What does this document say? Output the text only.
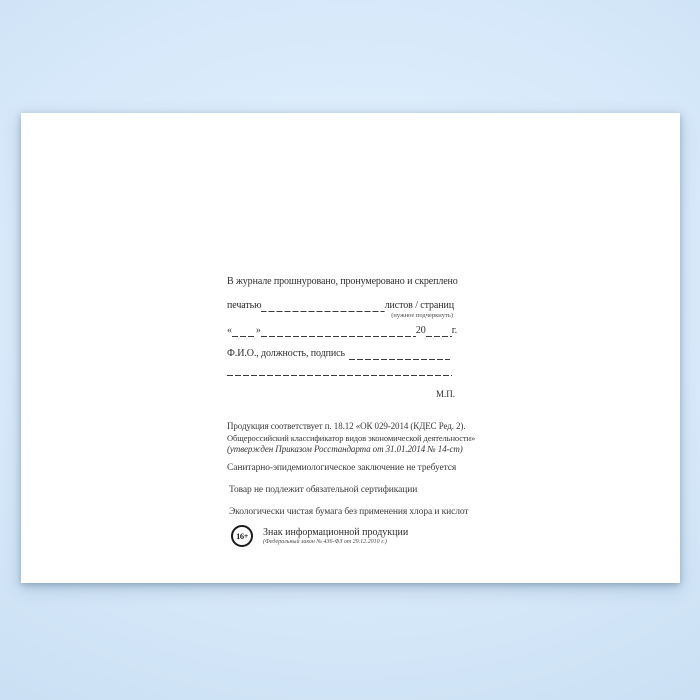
В журнале прошнуровано, пронумеровано и скреплено
печатью	листов / страниц
(нужное подчеркнуть)
« »	20	г.
Ф.И.О., должность, подпись
М.П.
Продукция соответствует п. 18.12 «ОК 029-2014 (КДЕС Ред. 2).
Общероссийский классификатор видов экономической деятельности»
(утвержден Приказом Росстандарта от 31.01.2014 № 14-ст)
Санитарно-эпидемиологическое заключение не требуется
Товар не подлежит обязательной сертификации
Экологически чистая бумага без применения хлора и кислот
16+	Знак информационной продукции
(Федеральный закон № 436-ФЗ от 29.12.2010 г.)
